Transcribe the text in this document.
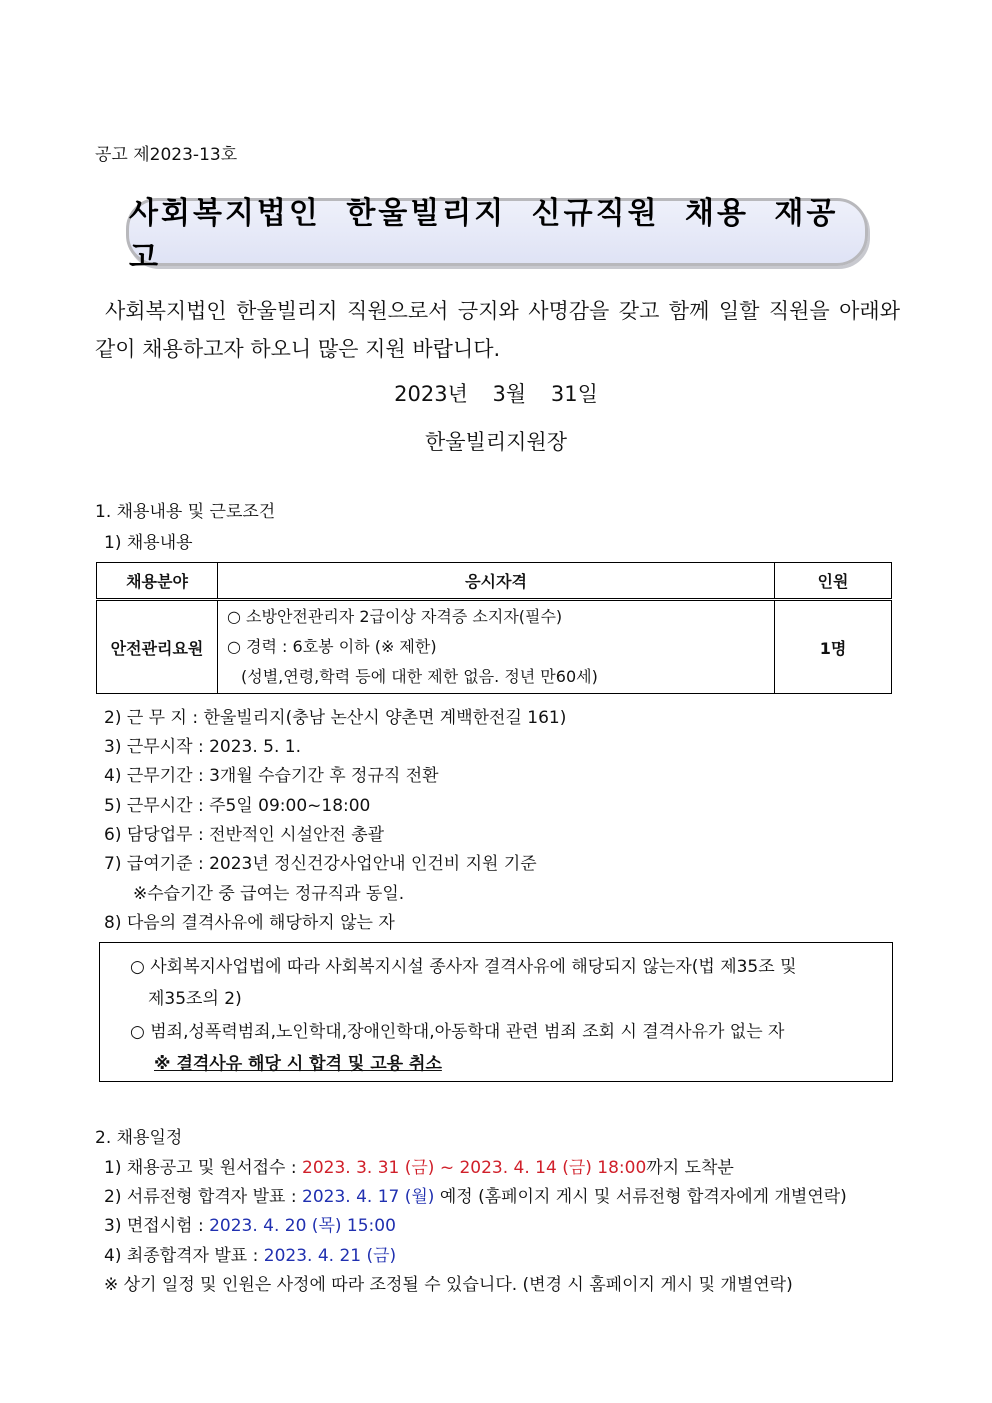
공고 제2023-13호
사회복지법인 한울빌리지 신규직원 채용 재공고
사회복지법인 한울빌리지 직원으로서 긍지와 사명감을 갖고 함께 일할 직원을 아래와 같이 채용하고자 하오니 많은 지원 바랍니다.
2023년 3월 31일
한울빌리지원장
1. 채용내용 및 근로조건
1) 채용내용
채용분야	응시자격	인원
안전관리요원	○ 소방안전관리자 2급이상 자격증 소지자(필수)
○ 경력 : 6호봉 이하 (※ 제한)
(성별,연령,학력 등에 대한 제한 없음. 정년 만60세)	1명
2) 근 무 지 : 한울빌리지(충남 논산시 양촌면 계백한전길 161)
3) 근무시작 : 2023. 5. 1.
4) 근무기간 : 3개월 수습기간 후 정규직 전환
5) 근무시간 : 주5일 09:00~18:00
6) 담당업무 : 전반적인 시설안전 총괄
7) 급여기준 : 2023년 정신건강사업안내 인건비 지원 기준
※수습기간 중 급여는 정규직과 동일.
8) 다음의 결격사유에 해당하지 않는 자
○ 사회복지사업법에 따라 사회복지시설 종사자 결격사유에 해당되지 않는자(법 제35조 및
제35조의 2)
○ 범죄,성폭력범죄,노인학대,장애인학대,아동학대 관련 범죄 조회 시 결격사유가 없는 자
※ 결격사유 해당 시 합격 및 고용 취소
2. 채용일정
1) 채용공고 및 원서접수 : 2023. 3. 31 (금) ~ 2023. 4. 14 (금) 18:00까지 도착분
2) 서류전형 합격자 발표 : 2023. 4. 17 (월) 예정 (홈페이지 게시 및 서류전형 합격자에게 개별연락)
3) 면접시험 : 2023. 4. 20 (목) 15:00
4) 최종합격자 발표 : 2023. 4. 21 (금)
※ 상기 일정 및 인원은 사정에 따라 조정될 수 있습니다. (변경 시 홈페이지 게시 및 개별연락)
